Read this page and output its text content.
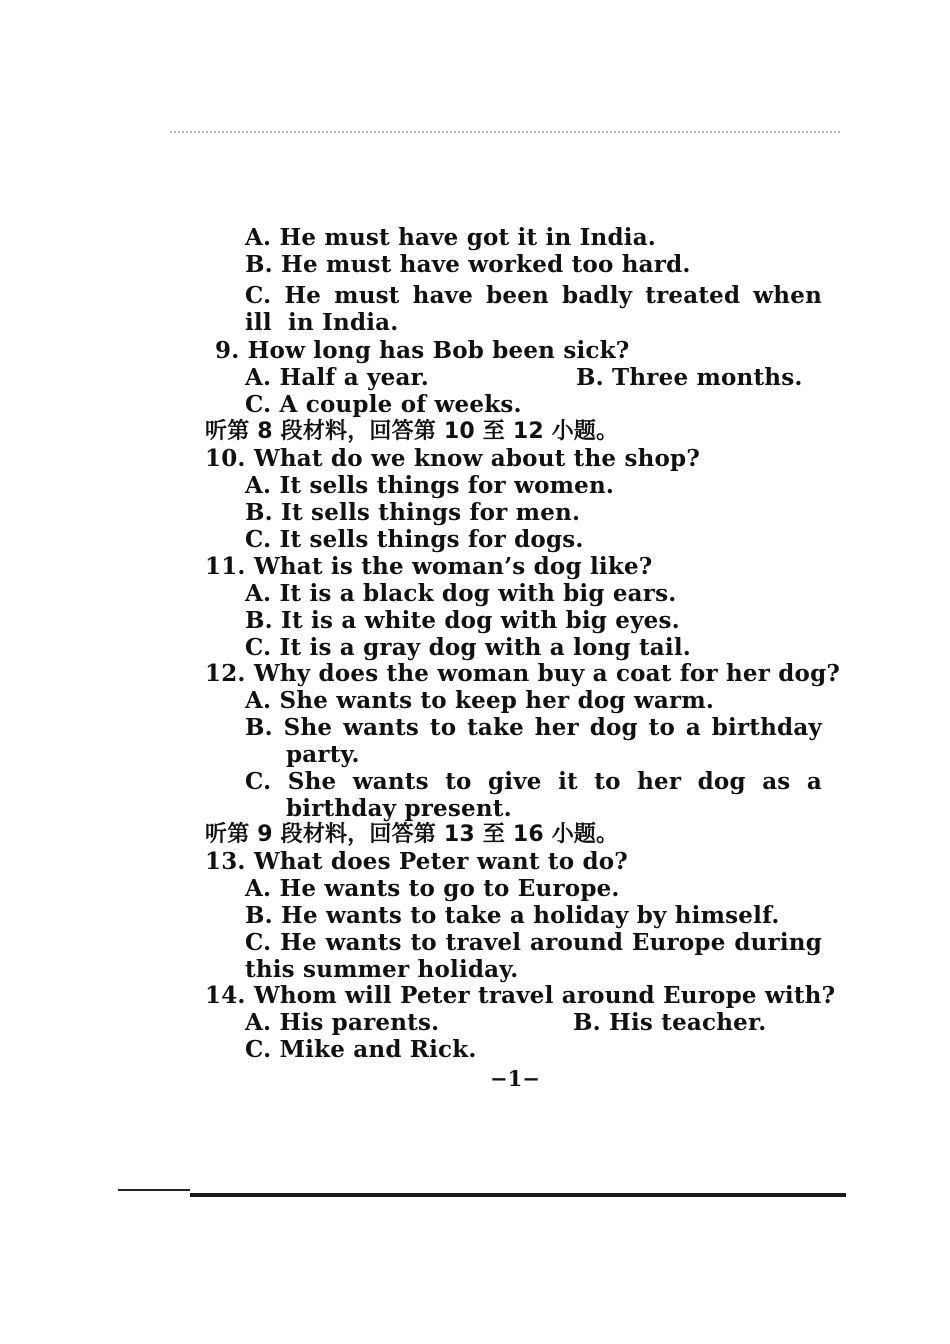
A. He must have got it in India.
B. He must have worked too hard.
C. He must have been badly treated when ill in India.
9. How long has Bob been sick?
A. Half a year.	B. Three months.
C. A couple of weeks.
听第 8 段材料，回答第 10 至 12 小题。
10. What do we know about the shop?
A. It sells things for women.
B. It sells things for men.
C. It sells things for dogs.
11. What is the woman’s dog like?
A. It is a black dog with big ears.
B. It is a white dog with big eyes.
C. It is a gray dog with a long tail.
12. Why does the woman buy a coat for her dog?
A. She wants to keep her dog warm.
B. She wants to take her dog to a birthday
party.
C. She wants to give it to her dog as a
birthday present.
听第 9 段材料，回答第 13 至 16 小题。
13. What does Peter want to do?
A. He wants to go to Europe.
B. He wants to take a holiday by himself.
C. He wants to travel around Europe during
this summer holiday.
14. Whom will Peter travel around Europe with?
A. His parents.	B. His teacher.
C. Mike and Rick.
−1−
